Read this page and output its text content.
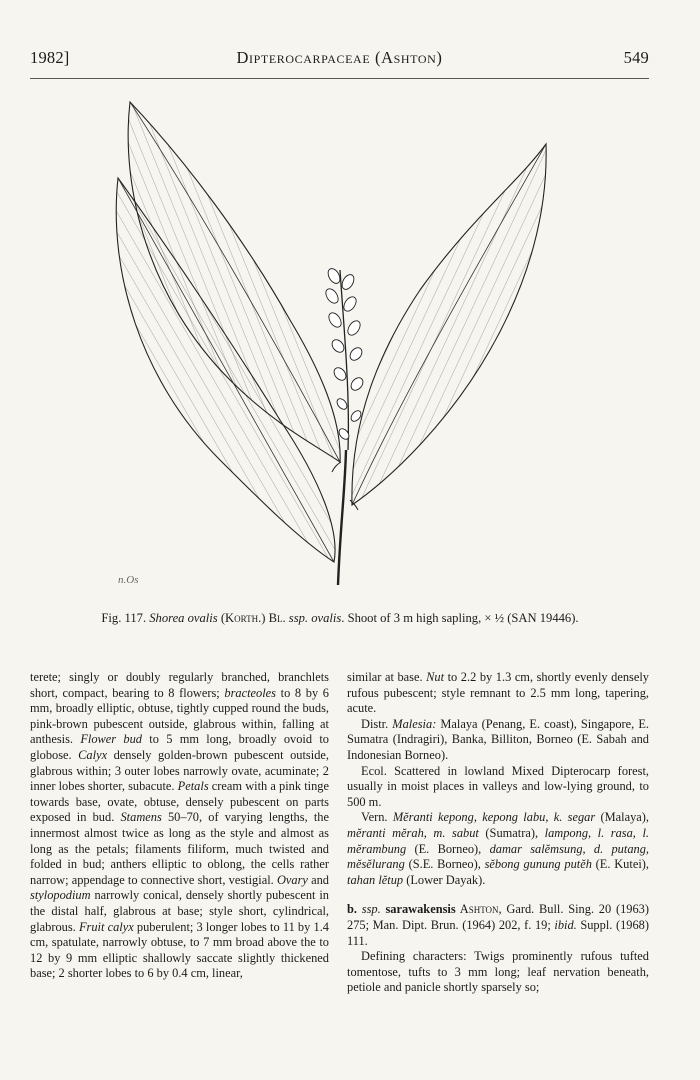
1982]	Dipterocarpaceae (Ashton)	549
n.Os
Fig. 117. Shorea ovalis (Korth.) Bl. ssp. ovalis. Shoot of 3 m high sapling, × ½ (SAN 19446).

terete; singly or doubly regularly branched, branchlets short, compact, bearing to 8 flowers; bracteoles to 8 by 6 mm, broadly elliptic, obtuse, tightly cupped round the buds, pink-brown pubescent outside, glabrous within, falling at anthesis. Flower bud to 5 mm long, broadly ovoid to globose. Calyx densely golden-brown pubescent outside, glabrous within; 3 outer lobes narrowly ovate, acuminate; 2 inner lobes shorter, subacute. Petals cream with a pink tinge towards base, ovate, obtuse, densely pubescent on parts exposed in bud. Stamens 50–70, of varying lengths, the innermost almost twice as long as the style and almost as long as the petals; filaments filiform, much twisted and folded in bud; anthers elliptic to oblong, the cells rather narrow; appendage to connective short, vestigial. Ovary and stylopodium narrowly conical, densely shortly pubescent in the distal half, glabrous at base; style short, cylindrical, glabrous. Fruit calyx puberulent; 3 longer lobes to 11 by 1.4 cm, spatulate, narrowly obtuse, to 7 mm broad above the to 12 by 9 mm elliptic shallowly saccate slightly thickened base; 2 shorter lobes to 6 by 0.4 cm, linear,

similar at base. Nut to 2.2 by 1.3 cm, shortly evenly densely rufous pubescent; style remnant to 2.5 mm long, tapering, acute.

Distr. Malesia: Malaya (Penang, E. coast), Singapore, E. Sumatra (Indragiri), Banka, Billiton, Borneo (E. Sabah and Indonesian Borneo).

Ecol. Scattered in lowland Mixed Dipterocarp forest, usually in moist places in valleys and low-lying ground, to 500 m.

Vern. Mĕranti kepong, kepong labu, k. segar (Malaya), mĕranti mĕrah, m. sabut (Sumatra), lampong, l. rasa, l. mĕrambung (E. Borneo), damar salĕmsung, d. putang, mĕsĕlurang (S.E. Borneo), sĕbong gunung putĕh (E. Kutei), tahan lĕtup (Lower Dayak).

b. ssp. sarawakensis Ashton, Gard. Bull. Sing. 20 (1963) 275; Man. Dipt. Brun. (1964) 202, f. 19; ibid. Suppl. (1968) 111.

Defining characters: Twigs prominently rufous tufted tomentose, tufts to 3 mm long; leaf nervation beneath, petiole and panicle shortly sparsely so;
